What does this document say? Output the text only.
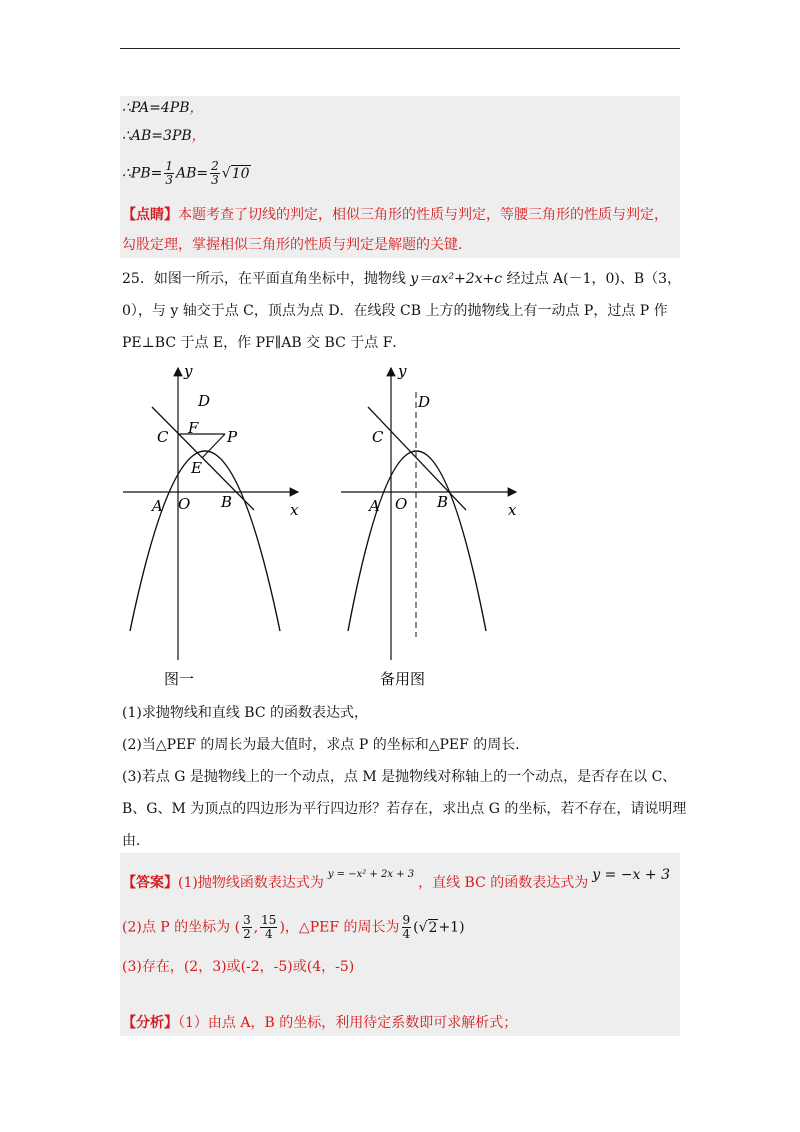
∴PA=4PB，
∴AB=3PB，
∴PB= $\frac{1}{3} AB= \frac{2}{3} √10$
【点睛】本题考查了切线的判定，相似三角形的性质与判定，等腰三角形的性质与判定，
勾股定理，掌握相似三角形的性质与判定是解题的关键．
25．如图一所示，在平面直角坐标中，抛物线 y＝ax²+2x+c 经过点 A(－1，0)、B（3，
0），与 y 轴交于点 C，顶点为点 D．在线段 CB 上方的抛物线上有一动点 P，过点 P 作
PE⊥BC 于点 E，作 PF∥AB 交 BC 于点 F．
y
x
D
C F P
E
A O B
图一
y
x
D
C
A O B
备用图
(1)求抛物线和直线 BC 的函数表达式，
(2)当△PEF 的周长为最大值时，求点 P 的坐标和△PEF 的周长．
(3)若点 G 是抛物线上的一个动点，点 M 是抛物线对称轴上的一个动点，是否存在以 C、
B、G、M 为顶点的四边形为平行四边形？若存在，求出点 G 的坐标，若不存在，请说明理
由．
【答案】(1)抛物线函数表达式为$^{y = -x^2 + 2x + 3}$，直线 BC 的函数表达式为 y = −x + 3
(2)点 P 的坐标为 ( $\frac{3}{2}$ , $\frac{15}{4}$ )，△PEF 的周长为 $\frac{9}{4} (√2+1)$
(3)存在，(2，3)或(-2，-5)或(4，-5)
【分析】（1）由点 A，B 的坐标，利用待定系数即可求解析式；
